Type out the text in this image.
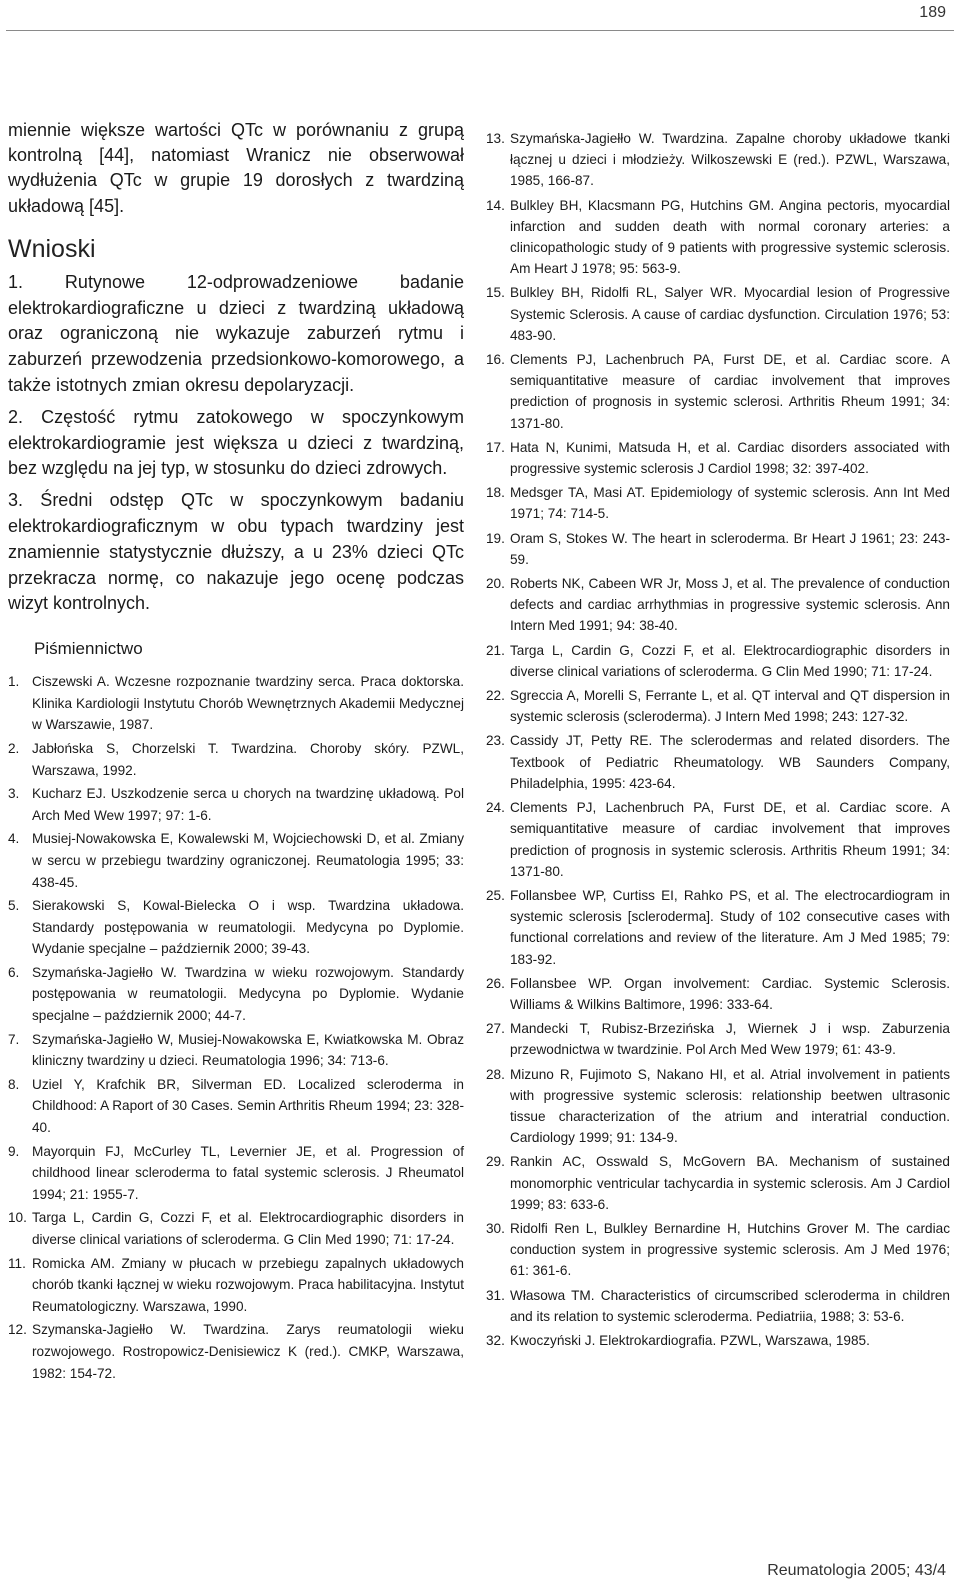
189

miennie większe wartości QTc w porównaniu z grupą kontrolną [44], natomiast Wranicz nie obserwował wydłużenia QTc w grupie 19 dorosłych z twardziną układową [45].

Wnioski

1. Rutynowe 12-odprowadzeniowe badanie elektrokardiograficzne u dzieci z twardziną układową oraz ograniczoną nie wykazuje zaburzeń rytmu i zaburzeń przewodzenia przedsionkowo-komorowego, a także istotnych zmian okresu depolaryzacji.

2. Częstość rytmu zatokowego w spoczynkowym elektrokardiogramie jest większa u dzieci z twardziną, bez względu na jej typ, w stosunku do dzieci zdrowych.

3. Średni odstęp QTc w spoczynkowym badaniu elektrokardiograficznym w obu typach twardziny jest znamiennie statystycznie dłuższy, a u 23% dzieci QTc przekracza normę, co nakazuje jego ocenę podczas wizyt kontrolnych.

Piśmiennictwo
1. Ciszewski A. Wczesne rozpoznanie twardziny serca. Praca doktorska. Klinika Kardiologii Instytutu Chorób Wewnętrznych Akademii Medycznej w Warszawie, 1987.
2. Jabłońska S, Chorzelski T. Twardzina. Choroby skóry. PZWL, Warszawa, 1992.
3. Kucharz EJ. Uszkodzenie serca u chorych na twardzinę układową. Pol Arch Med Wew 1997; 97: 1-6.
4. Musiej-Nowakowska E, Kowalewski M, Wojciechowski D, et al. Zmiany w sercu w przebiegu twardziny ograniczonej. Reumatologia 1995; 33: 438-45.
5. Sierakowski S, Kowal-Bielecka O i wsp. Twardzina układowa. Standardy postępowania w reumatologii. Medycyna po Dyplomie. Wydanie specjalne – październik 2000; 39-43.
6. Szymańska-Jagiełło W. Twardzina w wieku rozwojowym. Standardy postępowania w reumatologii. Medycyna po Dyplomie. Wydanie specjalne – październik 2000; 44-7.
7. Szymańska-Jagiełło W, Musiej-Nowakowska E, Kwiatkowska M. Obraz kliniczny twardziny u dzieci. Reumatologia 1996; 34: 713-6.
8. Uziel Y, Krafchik BR, Silverman ED. Localized scleroderma in Childhood: A Raport of 30 Cases. Semin Arthritis Rheum 1994; 23: 328-40.
9. Mayorquin FJ, McCurley TL, Levernier JE, et al. Progression of childhood linear scleroderma to fatal systemic sclerosis. J Rheumatol 1994; 21: 1955-7.
10. Targa L, Cardin G, Cozzi F, et al. Elektrocardiographic disorders in diverse clinical variations of scleroderma. G Clin Med 1990; 71: 17-24.
11. Romicka AM. Zmiany w płucach w przebiegu zapalnych układowych chorób tkanki łącznej w wieku rozwojowym. Praca habilitacyjna. Instytut Reumatologiczny. Warszawa, 1990.
12. Szymanska-Jagiełło W. Twardzina. Zarys reumatologii wieku rozwojowego. Rostropowicz-Denisiewicz K (red.). CMKP, Warszawa, 1982: 154-72.
13. Szymańska-Jagiełło W. Twardzina. Zapalne choroby układowe tkanki łącznej u dzieci i młodzieży. Wilkoszewski E (red.). PZWL, Warszawa, 1985, 166-87.
14. Bulkley BH, Klacsmann PG, Hutchins GM. Angina pectoris, myocardial infarction and sudden death with normal coronary arteries: a clinicopathologic study of 9 patients with progressive systemic sclerosis. Am Heart J 1978; 95: 563-9.
15. Bulkley BH, Ridolfi RL, Salyer WR. Myocardial lesion of Progressive Systemic Sclerosis. A cause of cardiac dysfunction. Circulation 1976; 53: 483-90.
16. Clements PJ, Lachenbruch PA, Furst DE, et al. Cardiac score. A semiquantitative measure of cardiac involvement that improves prediction of prognosis in systemic sclerosi. Arthritis Rheum 1991; 34: 1371-80.
17. Hata N, Kunimi, Matsuda H, et al. Cardiac disorders associated with progressive systemic sclerosis J Cardiol 1998; 32: 397-402.
18. Medsger TA, Masi AT. Epidemiology of systemic sclerosis. Ann Int Med 1971; 74: 714-5.
19. Oram S, Stokes W. The heart in scleroderma. Br Heart J 1961; 23: 243-59.
20. Roberts NK, Cabeen WR Jr, Moss J, et al. The prevalence of conduction defects and cardiac arrhythmias in progressive systemic sclerosis. Ann Intern Med 1991; 94: 38-40.
21. Targa L, Cardin G, Cozzi F, et al. Elektrocardiographic disorders in diverse clinical variations of scleroderma. G Clin Med 1990; 71: 17-24.
22. Sgreccia A, Morelli S, Ferrante L, et al. QT interval and QT dispersion in systemic sclerosis (scleroderma). J Intern Med 1998; 243: 127-32.
23. Cassidy JT, Petty RE. The sclerodermas and related disorders. The Textbook of Pediatric Rheumatology. WB Saunders Company, Philadelphia, 1995: 423-64.
24. Clements PJ, Lachenbruch PA, Furst DE, et al. Cardiac score. A semiquantitative measure of cardiac involvement that improves prediction of prognosis in systemic sclerosis. Arthritis Rheum 1991; 34: 1371-80.
25. Follansbee WP, Curtiss EI, Rahko PS, et al. The electrocardiogram in systemic sclerosis [scleroderma]. Study of 102 consecutive cases with functional correlations and review of the literature. Am J Med 1985; 79: 183-92.
26. Follansbee WP. Organ involvement: Cardiac. Systemic Sclerosis. Williams & Wilkins Baltimore, 1996: 333-64.
27. Mandecki T, Rubisz-Brzezińska J, Wiernek J i wsp. Zaburzenia przewodnictwa w twardzinie. Pol Arch Med Wew 1979; 61: 43-9.
28. Mizuno R, Fujimoto S, Nakano HI, et al. Atrial involvement in patients with progressive systemic sclerosis: relationship beetwen ultrasonic tissue characterization of the atrium and interatrial conduction. Cardiology 1999; 91: 134-9.
29. Rankin AC, Osswald S, McGovern BA. Mechanism of sustained monomorphic ventricular tachycardia in systemic sclerosis. Am J Cardiol 1999; 83: 633-6.
30. Ridolfi Ren L, Bulkley Bernardine H, Hutchins Grover M. The cardiac conduction system in progressive systemic sclerosis. Am J Med 1976; 61: 361-6.
31. Własowa TM. Characteristics of circumscribed scleroderma in children and its relation to systemic scleroderma. Pediatriia, 1988; 3: 53-6.
32. Kwoczyński J. Elektrokardiografia. PZWL, Warszawa, 1985.
Reumatologia 2005; 43/4
